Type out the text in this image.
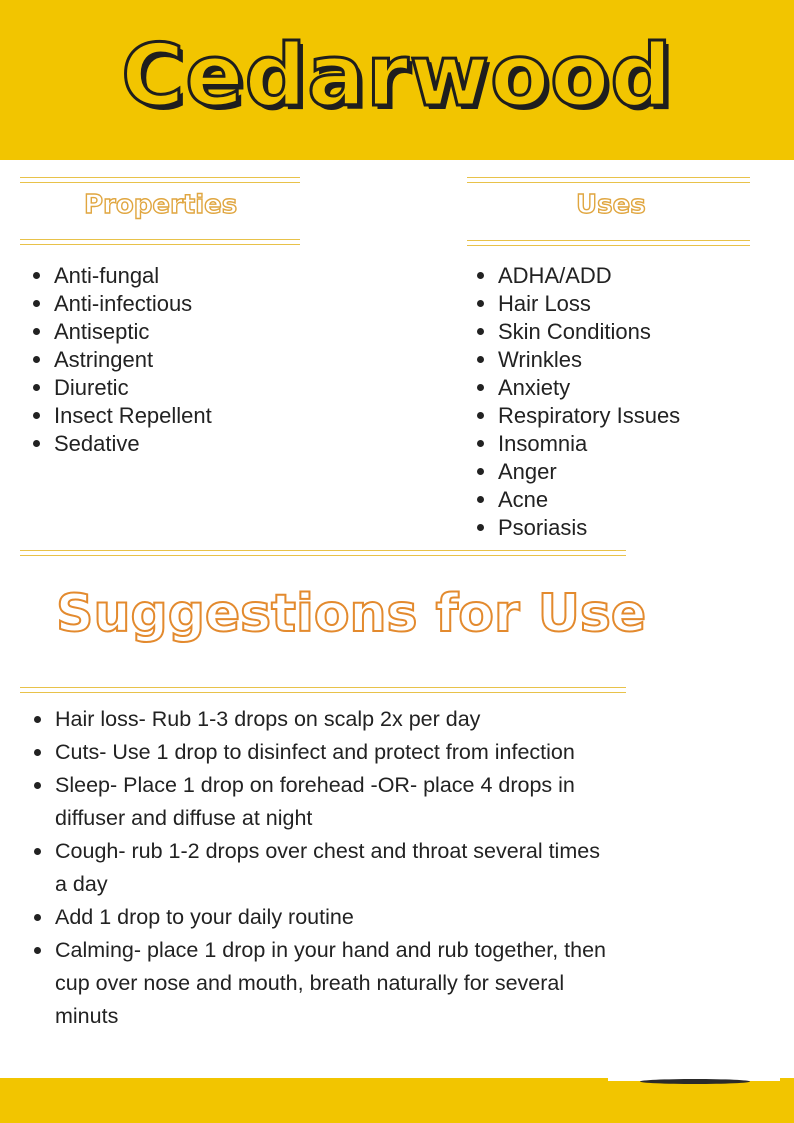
Cedarwood
Properties
Anti-fungal
Anti-infectious
Antiseptic
Astringent
Diuretic
Insect Repellent
Sedative
Uses
ADHA/ADD
Hair Loss
Skin Conditions
Wrinkles
Anxiety
Respiratory Issues
Insomnia
Anger
Acne
Psoriasis
Suggestions for Use
Hair loss- Rub 1-3 drops on scalp 2x per day
Cuts- Use 1 drop to disinfect and protect from infection
Sleep- Place 1 drop on forehead -OR- place 4 drops in diffuser and diffuse at night
Cough- rub 1-2 drops over chest and throat several times a day
Add 1 drop to your daily routine
Calming- place 1 drop in your hand and rub together, then cup over nose and mouth, breath naturally for several minuts
